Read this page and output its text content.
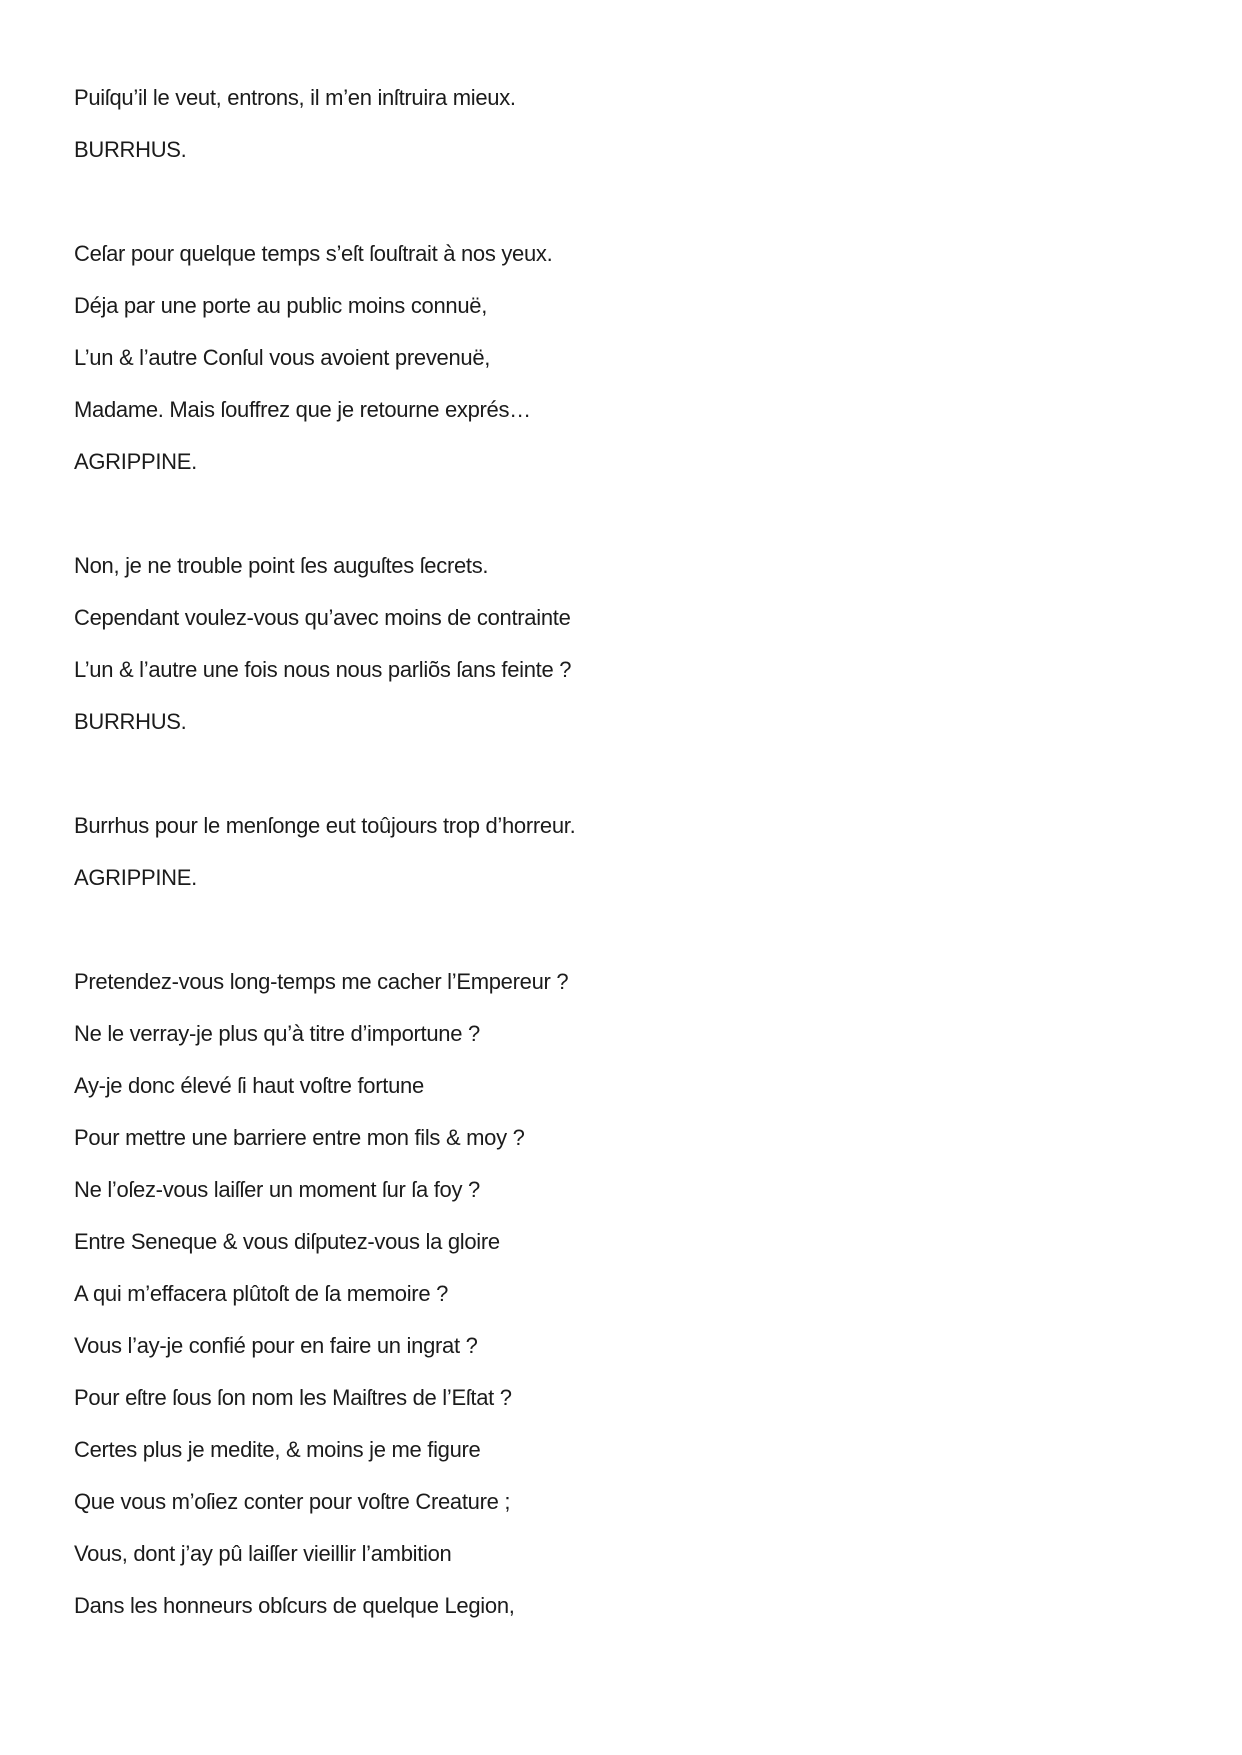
Puiſqu’il le veut, entrons, il m’en inſtruira mieux.
BURRHUS.
Ceſar pour quelque temps s’eſt ſouſtrait à nos yeux.
Déja par une porte au public moins connuë,
L’un & l’autre Conſul vous avoient prevenuë,
Madame. Mais ſouffrez que je retourne exprés…
AGRIPPINE.
Non, je ne trouble point ſes auguſtes ſecrets.
Cependant voulez-vous qu’avec moins de contrainte
L’un & l’autre une fois nous nous parliõs ſans feinte ?
BURRHUS.
Burrhus pour le menſonge eut toûjours trop d’horreur.
AGRIPPINE.
Pretendez-vous long-temps me cacher l’Empereur ?
Ne le verray-je plus qu’à titre d’importune ?
Ay-je donc élevé ſi haut voſtre fortune
Pour mettre une barriere entre mon fils & moy ?
Ne l’oſez-vous laiſſer un moment ſur ſa foy ?
Entre Seneque & vous diſputez-vous la gloire
A qui m’effacera plûtoſt de ſa memoire ?
Vous l’ay-je confié pour en faire un ingrat ?
Pour eſtre ſous ſon nom les Maiſtres de l’Eſtat ?
Certes plus je medite, & moins je me figure
Que vous m’oſiez conter pour voſtre Creature ;
Vous, dont j’ay pû laiſſer vieillir l’ambition
Dans les honneurs obſcurs de quelque Legion,
